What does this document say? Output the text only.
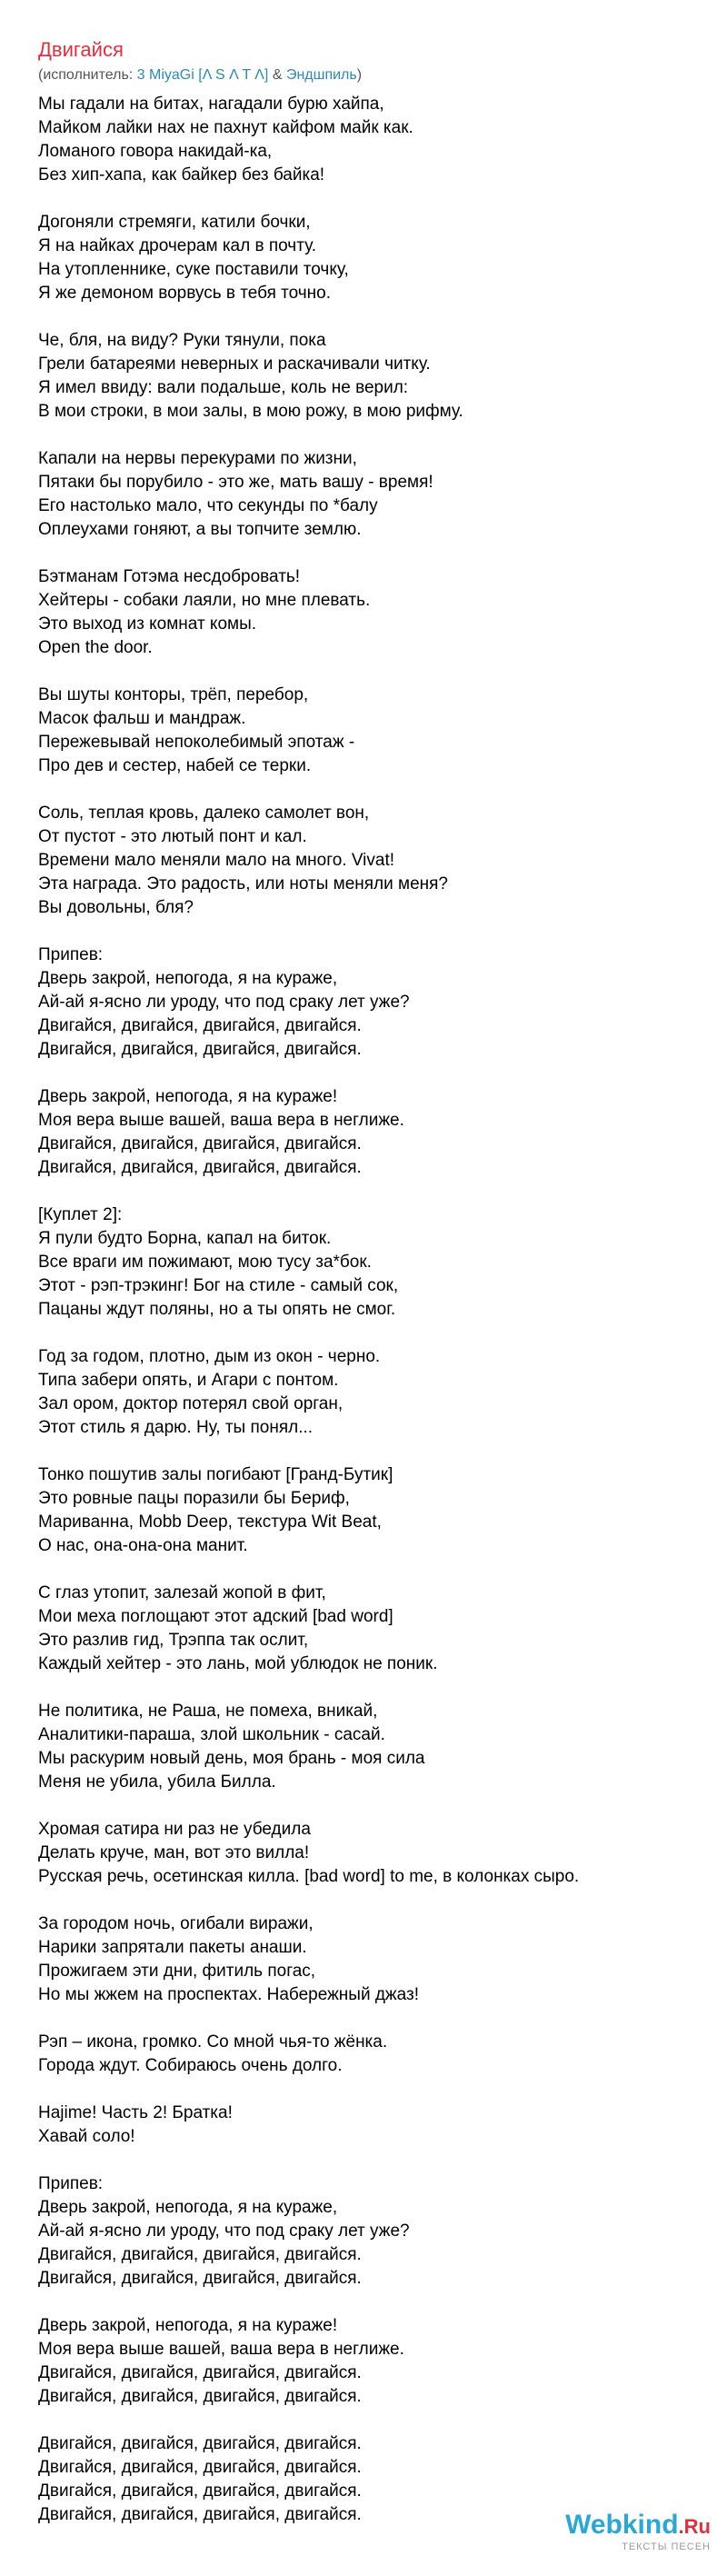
Двигайся
(исполнитель: 3 MiyaGi [Λ S Λ T Λ] & Эндшпиль)
Мы гадали на битах, нагадали бурю хайпа,
Майком лайки нах не пахнут кайфом майк как.
Ломаного говора накидай-ка,
Без хип-хапа, как байкер без байка!
Догоняли стремяги, катили бочки,
Я на найках дрочерам кал в почту.
На утопленнике, суке поставили точку,
Я же демоном ворвусь в тебя точно.
Че, бля, на виду? Руки тянули, пока
Грели батареями неверных и раскачивали читку.
Я имел ввиду: вали подальше, коль не верил:
В мои строки, в мои залы, в мою рожу, в мою рифму.
Капали на нервы перекурами по жизни,
Пятаки бы порубило - это же, мать вашу - время!
Его настолько мало, что секунды по *балу
Оплеухами гоняют, а вы топчите землю.
Бэтманам Готэма несдобровать!
Хейтеры - собаки лаяли, но мне плевать.
Это выход из комнат комы.
Open the door.
Вы шуты конторы, трёп, перебор,
Масок фальш и мандраж.
Пережевывай непоколебимый эпотаж -
Про дев и сестер, набей се терки.
Соль, теплая кровь, далеко самолет вон,
От пустот - это лютый понт и кал.
Времени мало меняли мало на много. Vivat!
Эта награда. Это радость, или ноты меняли меня?
Вы довольны, бля?
Припев:
Дверь закрой, непогода, я на кураже,
Ай-ай я-ясно ли уроду, что под сраку лет уже?
Двигайся, двигайся, двигайся, двигайся.
Двигайся, двигайся, двигайся, двигайся.
Дверь закрой, непогода, я на кураже!
Моя вера выше вашей, ваша вера в неглиже.
Двигайся, двигайся, двигайся, двигайся.
Двигайся, двигайся, двигайся, двигайся.
[Куплет 2]:
Я пули будто Борна, капал на биток.
Все враги им пожимают, мою тусу за*бок.
Этот - рэп-трэкинг! Бог на стиле - самый сок,
Пацаны ждут поляны, но а ты опять не смог.
Год за годом, плотно, дым из окон - черно.
Типа забери опять, и Агари с понтом.
Зал ором, доктор потерял свой орган,
Этот стиль я дарю. Ну, ты понял...
Тонко пошутив залы погибают [Гранд-Бутик]
Это ровные пацы поразили бы Бериф,
Мариванна, Mobb Deep, текстура Wit Beat,
О нас, она-она-она манит.
С глаз утопит, залезай жопой в фит,
Мои меха поглощают этот адский [bad word]
Это разлив гид, Трэппа так ослит,
Каждый хейтер - это лань, мой ублюдок не поник.
Не политика, не Раша, не помеха, вникай,
Аналитики-параша, злой школьник - сасай.
Мы раскурим новый день, моя брань - моя сила
Меня не убила, убила Билла.
Хромая сатира ни раз не убедила
Делать круче, ман, вот это вилла!
Русская речь, осетинская килла. [bad word] to me, в колонках сыро.
За городом ночь, огибали виражи,
Нарики запрятали пакеты анаши.
Прожигаем эти дни, фитиль погас,
Но мы жжем на проспектах. Набережный джаз!
Рэп – икона, громко. Со мной чья-то жёнка.
Города ждут. Собираюсь очень долго.
Hajime! Часть 2! Братка!
Хавай соло!
Припев:
Дверь закрой, непогода, я на кураже,
Ай-ай я-ясно ли уроду, что под сраку лет уже?
Двигайся, двигайся, двигайся, двигайся.
Двигайся, двигайся, двигайся, двигайся.
Дверь закрой, непогода, я на кураже!
Моя вера выше вашей, ваша вера в неглиже.
Двигайся, двигайся, двигайся, двигайся.
Двигайся, двигайся, двигайся, двигайся.
Двигайся, двигайся, двигайся, двигайся.
Двигайся, двигайся, двигайся, двигайся.
Двигайся, двигайся, двигайся, двигайся.
Двигайся, двигайся, двигайся, двигайся.	Webkind.Ru
ТЕКСТЫ ПЕСЕН
